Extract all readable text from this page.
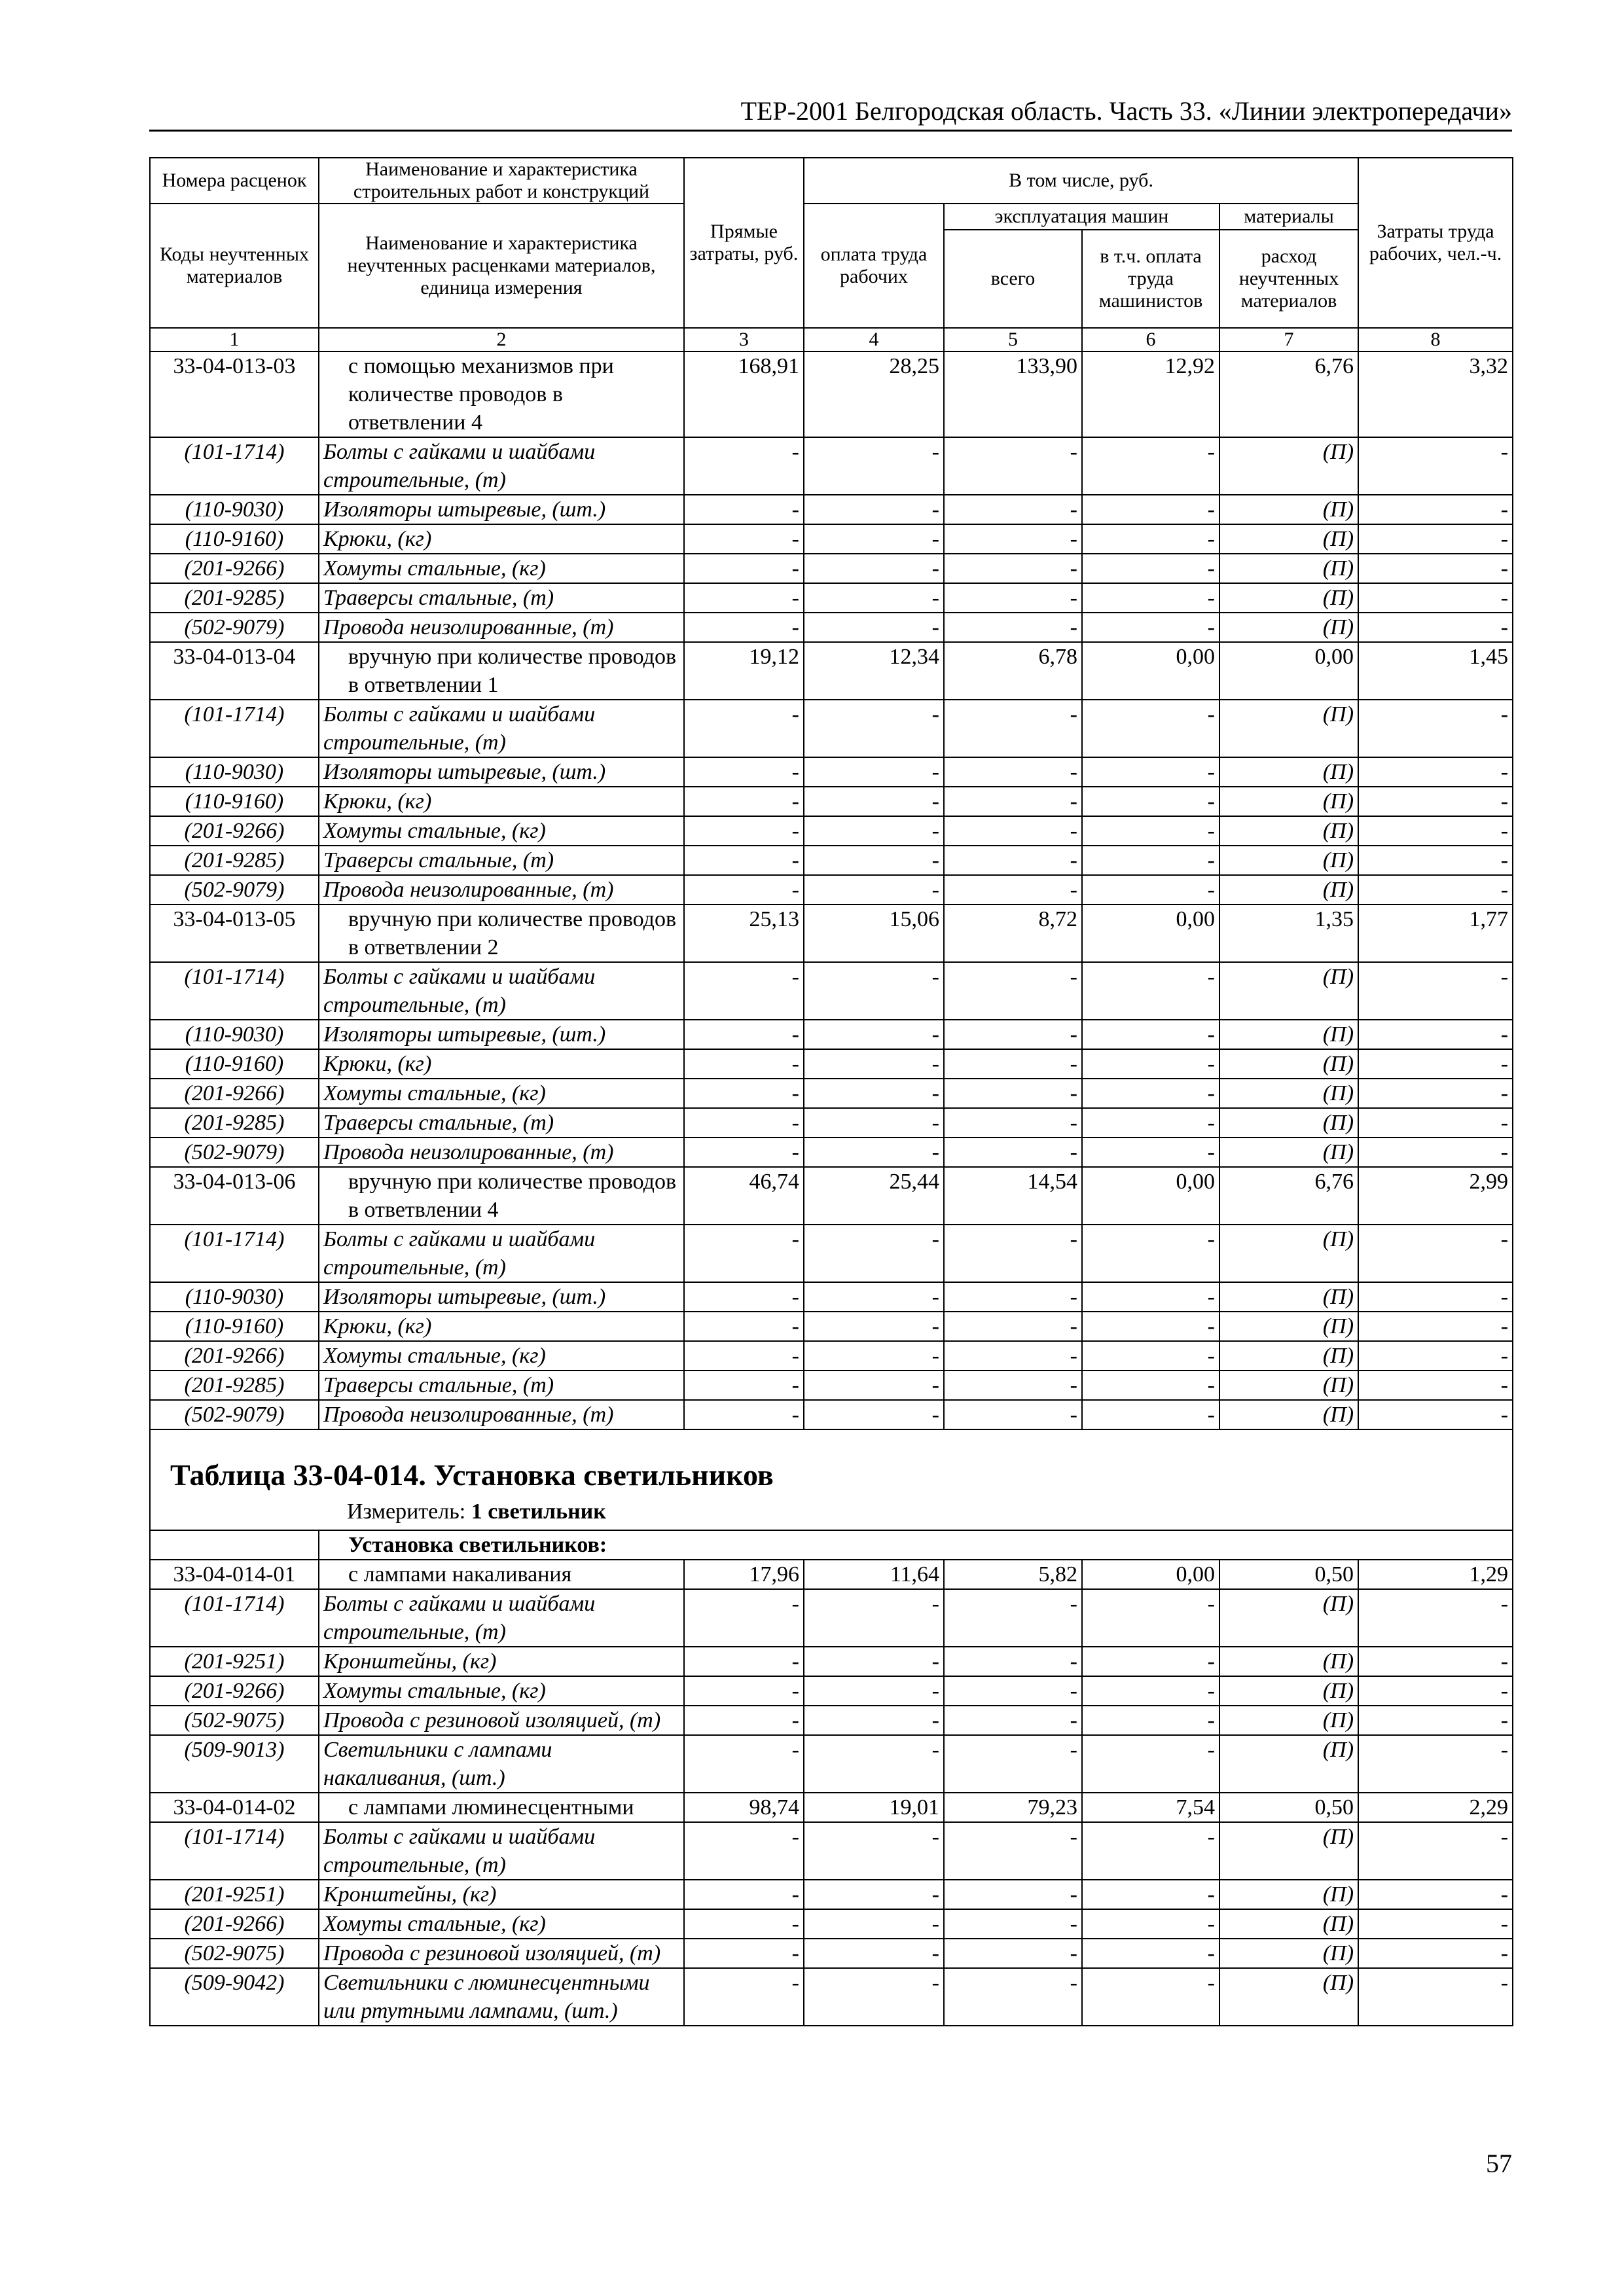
ТЕР-2001 Белгородская область. Часть 33. «Линии электропередачи»
Номера расценок	Наименование и характеристика строительных работ и конструкций	Прямые затраты, руб.	В том числе, руб.				Затраты труда рабочих, чел.-ч.
Коды неучтенных материалов	Наименование и характеристика неучтенных расценками материалов, единица измерения		оплата труда рабочих	эксплуатация машин		материалы	
				всего	в т.ч. оплата труда машинистов	расход неучтенных материалов	
1	2	3	4	5	6	7	8
33-04-013-03	с помощью механизмов при количестве проводов в ответвлении 4	168,91	28,25	133,90	12,92	6,76	3,32
(101-1714)	Болты с гайками и шайбами строительные, (т)	-	-	-	-	(П)	-
(110-9030)	Изоляторы штыревые, (шт.)	-	-	-	-	(П)	-
(110-9160)	Крюки, (кг)	-	-	-	-	(П)	-
(201-9266)	Хомуты стальные, (кг)	-	-	-	-	(П)	-
(201-9285)	Траверсы стальные, (т)	-	-	-	-	(П)	-
(502-9079)	Провода неизолированные, (т)	-	-	-	-	(П)	-
33-04-013-04	вручную при количестве проводов в ответвлении 1	19,12	12,34	6,78	0,00	0,00	1,45
(101-1714)	Болты с гайками и шайбами строительные, (т)	-	-	-	-	(П)	-
(110-9030)	Изоляторы штыревые, (шт.)	-	-	-	-	(П)	-
(110-9160)	Крюки, (кг)	-	-	-	-	(П)	-
(201-9266)	Хомуты стальные, (кг)	-	-	-	-	(П)	-
(201-9285)	Траверсы стальные, (т)	-	-	-	-	(П)	-
(502-9079)	Провода неизолированные, (т)	-	-	-	-	(П)	-
33-04-013-05	вручную при количестве проводов в ответвлении 2	25,13	15,06	8,72	0,00	1,35	1,77
(101-1714)	Болты с гайками и шайбами строительные, (т)	-	-	-	-	(П)	-
(110-9030)	Изоляторы штыревые, (шт.)	-	-	-	-	(П)	-
(110-9160)	Крюки, (кг)	-	-	-	-	(П)	-
(201-9266)	Хомуты стальные, (кг)	-	-	-	-	(П)	-
(201-9285)	Траверсы стальные, (т)	-	-	-	-	(П)	-
(502-9079)	Провода неизолированные, (т)	-	-	-	-	(П)	-
33-04-013-06	вручную при количестве проводов в ответвлении 4	46,74	25,44	14,54	0,00	6,76	2,99
(101-1714)	Болты с гайками и шайбами строительные, (т)	-	-	-	-	(П)	-
(110-9030)	Изоляторы штыревые, (шт.)	-	-	-	-	(П)	-
(110-9160)	Крюки, (кг)	-	-	-	-	(П)	-
(201-9266)	Хомуты стальные, (кг)	-	-	-	-	(П)	-
(201-9285)	Траверсы стальные, (т)	-	-	-	-	(П)	-
(502-9079)	Провода неизолированные, (т)	-	-	-	-	(П)	-

Таблица 33-04-014. Установка светильников
Измеритель: 1 светильник							

	Установка светильников:						
33-04-014-01	с лампами накаливания	17,96	11,64	5,82	0,00	0,50	1,29
(101-1714)	Болты с гайками и шайбами строительные, (т)	-	-	-	-	(П)	-
(201-9251)	Кронштейны, (кг)	-	-	-	-	(П)	-
(201-9266)	Хомуты стальные, (кг)	-	-	-	-	(П)	-
(502-9075)	Провода с резиновой изоляцией, (т)	-	-	-	-	(П)	-
(509-9013)	Светильники с лампами накаливания, (шт.)	-	-	-	-	(П)	-
33-04-014-02	с лампами люминесцентными	98,74	19,01	79,23	7,54	0,50	2,29
(101-1714)	Болты с гайками и шайбами строительные, (т)	-	-	-	-	(П)	-
(201-9251)	Кронштейны, (кг)	-	-	-	-	(П)	-
(201-9266)	Хомуты стальные, (кг)	-	-	-	-	(П)	-
(502-9075)	Провода с резиновой изоляцией, (т)	-	-	-	-	(П)	-
(509-9042)	Светильники с люминесцентными или ртутными лампами, (шт.)	-	-	-	-	(П)	-
57
